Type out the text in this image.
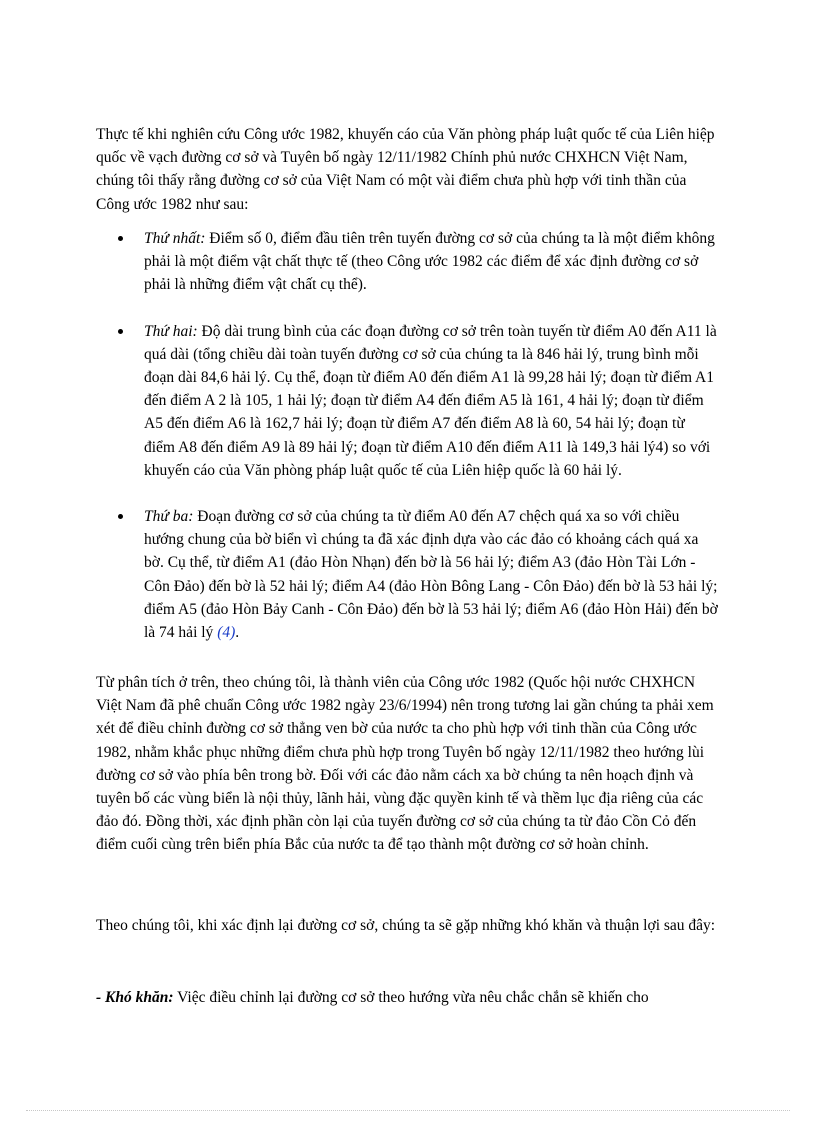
Thực tế khi nghiên cứu Công ước 1982, khuyến cáo của Văn phòng pháp luật quốc tế của Liên hiệp quốc về vạch đường cơ sở và Tuyên bố ngày 12/11/1982 Chính phủ nước CHXHCN Việt Nam, chúng tôi thấy rằng đường cơ sở của Việt Nam có một vài điểm chưa phù hợp với tinh thần của Công ước 1982 như sau:

Thứ nhất: Điểm số 0, điểm đầu tiên trên tuyến đường cơ sở của chúng ta là một điểm không phải là một điểm vật chất thực tế (theo Công ước 1982 các điểm để xác định đường cơ sở phải là những điểm vật chất cụ thể).
Thứ hai: Độ dài trung bình của các đoạn đường cơ sở trên toàn tuyến từ điểm A0 đến A11 là quá dài (tổng chiều dài toàn tuyến đường cơ sở của chúng ta là 846 hải lý, trung bình mỗi đoạn dài 84,6 hải lý. Cụ thể, đoạn từ điểm A0 đến điểm A1 là 99,28 hải lý; đoạn từ điểm A1 đến điểm A 2 là 105, 1 hải lý; đoạn từ điểm A4 đến điểm A5 là 161, 4 hải lý; đoạn từ điểm A5 đến điểm A6 là 162,7 hải lý; đoạn từ điểm A7 đến điểm A8 là 60, 54 hải lý; đoạn từ điểm A8 đến điểm A9 là 89 hải lý; đoạn từ điểm A10 đến điểm A11 là 149,3 hải lý4) so với khuyến cáo của Văn phòng pháp luật quốc tế của Liên hiệp quốc là 60 hải lý.
Thứ ba: Đoạn đường cơ sở của chúng ta từ điểm A0 đến A7 chệch quá xa so với chiều hướng chung của bờ biển vì chúng ta đã xác định dựa vào các đảo có khoảng cách quá xa bờ. Cụ thể, từ điểm A1 (đảo Hòn Nhạn) đến bờ là 56 hải lý; điểm A3 (đảo Hòn Tài Lớn - Côn Đảo) đến bờ là 52 hải lý; điểm A4 (đảo Hòn Bông Lang - Côn Đảo) đến bờ là 53 hải lý; điểm A5 (đảo Hòn Bảy Canh - Côn Đảo) đến bờ là 53 hải lý; điểm A6 (đảo Hòn Hải) đến bờ là 74 hải lý (4).

Từ phân tích ở trên, theo chúng tôi, là thành viên của Công ước 1982 (Quốc hội nước CHXHCN Việt Nam đã phê chuẩn Công ước 1982 ngày 23/6/1994) nên trong tương lai gần chúng ta phải xem xét để điều chỉnh đường cơ sở thẳng ven bờ của nước ta cho phù hợp với tinh thần của Công ước 1982, nhằm khắc phục những điểm chưa phù hợp trong Tuyên bố ngày 12/11/1982 theo hướng lùi đường cơ sở vào phía bên trong bờ. Đối với các đảo nằm cách xa bờ chúng ta nên hoạch định và tuyên bố các vùng biển là nội thủy, lãnh hải, vùng đặc quyền kinh tế và thềm lục địa riêng của các đảo đó. Đồng thời, xác định phần còn lại của tuyến đường cơ sở của chúng ta từ đảo Cồn Cỏ đến điểm cuối cùng trên biển phía Bắc của nước ta để tạo thành một đường cơ sở hoàn chỉnh.

Theo chúng tôi, khi xác định lại đường cơ sở, chúng ta sẽ gặp những khó khăn và thuận lợi sau đây:

- Khó khăn: Việc điều chỉnh lại đường cơ sở theo hướng vừa nêu chắc chắn sẽ khiến cho
